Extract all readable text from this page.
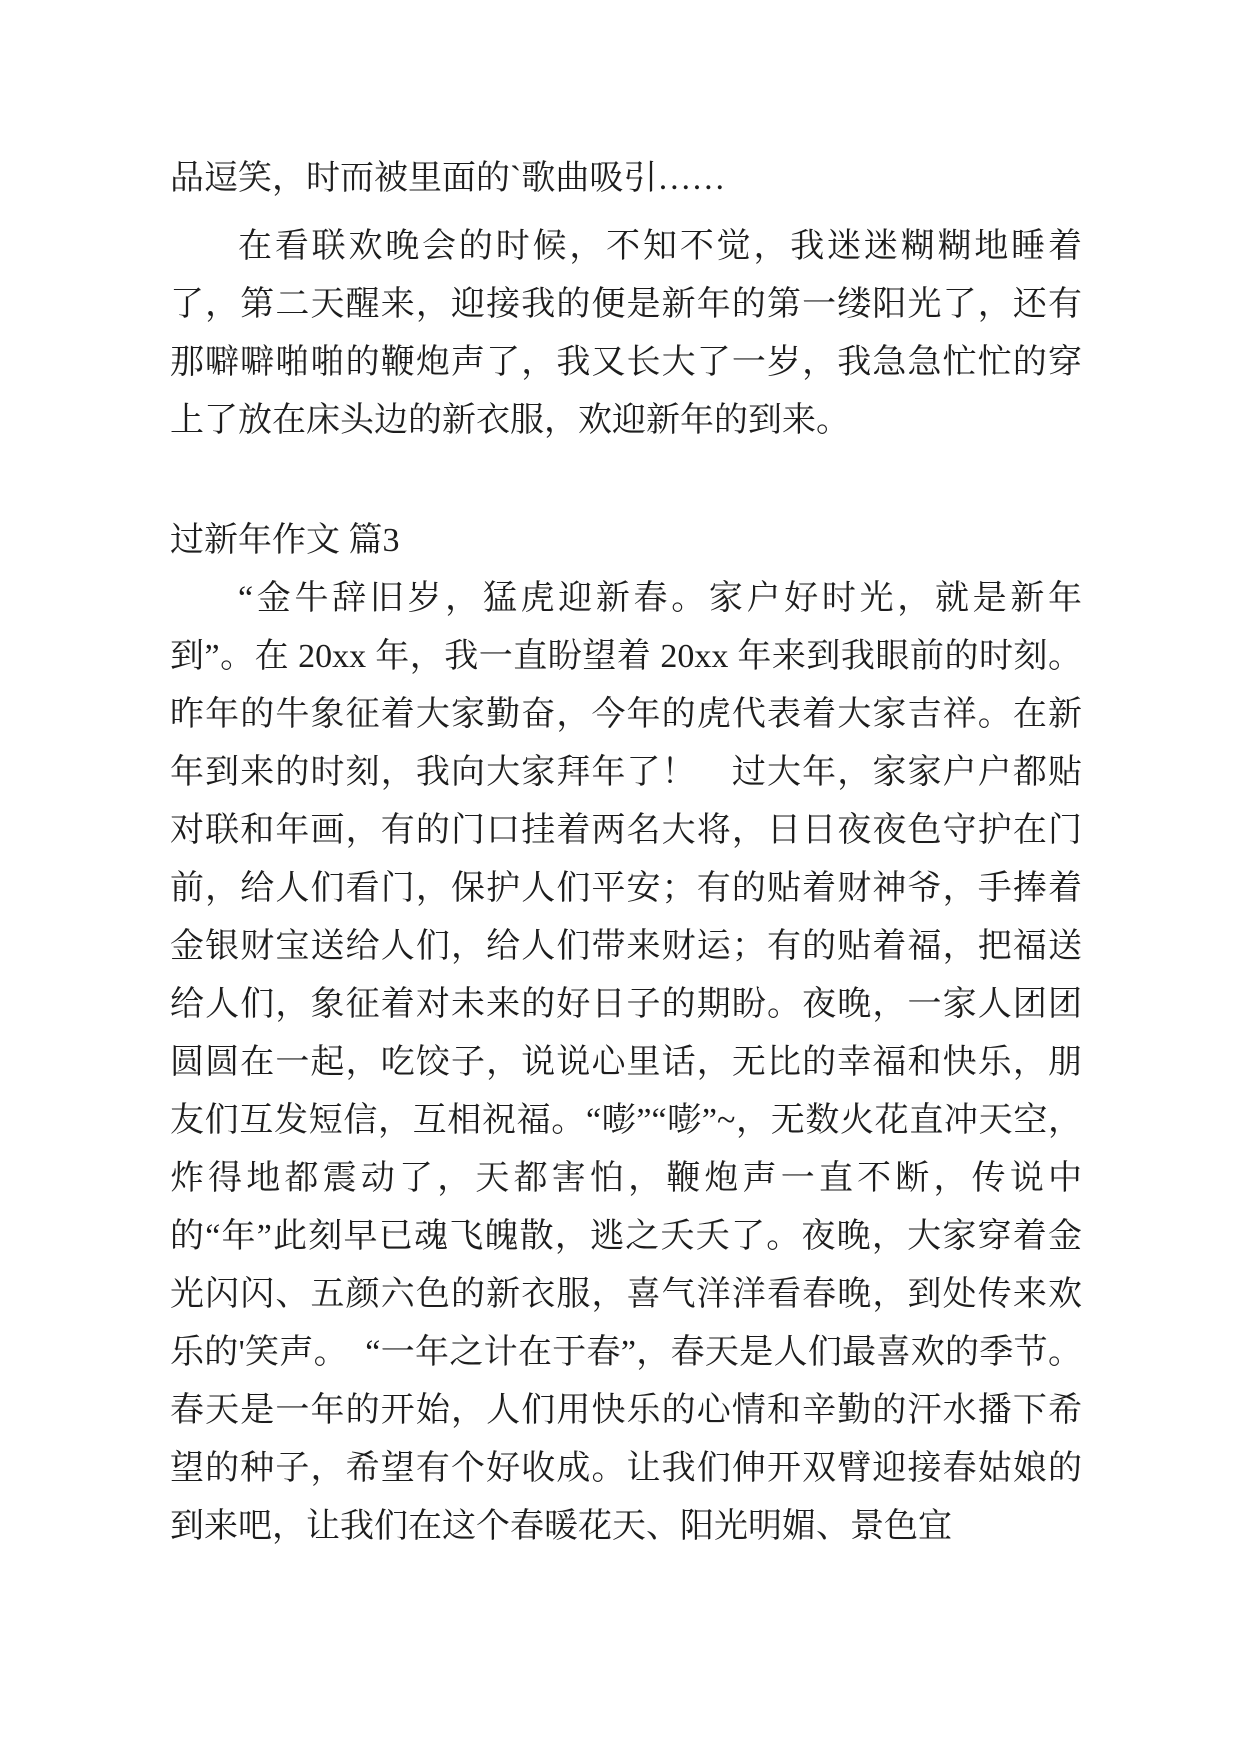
品逗笑，时而被里面的`歌曲吸引……

在看联欢晚会的时候，不知不觉，我迷迷糊糊地睡着了，第二天醒来，迎接我的便是新年的第一缕阳光了，还有那噼噼啪啪的鞭炮声了，我又长大了一岁，我急急忙忙的穿上了放在床头边的新衣服，欢迎新年的到来。

过新年作文 篇3

“金牛辞旧岁，猛虎迎新春。家户好时光，就是新年到”。在 20xx 年，我一直盼望着 20xx 年来到我眼前的时刻。昨年的牛象征着大家勤奋，今年的虎代表着大家吉祥。在新年到来的时刻，我向大家拜年了！　过大年，家家户户都贴对联和年画，有的门口挂着两名大将，日日夜夜色守护在门前，给人们看门，保护人们平安；有的贴着财神爷，手捧着金银财宝送给人们，给人们带来财运；有的贴着福，把福送给人们，象征着对未来的好日子的期盼。夜晚，一家人团团圆圆在一起，吃饺子，说说心里话，无比的幸福和快乐，朋友们互发短信，互相祝福。“嘭”“嘭”~，无数火花直冲天空，炸得地都震动了，天都害怕，鞭炮声一直不断，传说中的“年”此刻早已魂飞魄散，逃之夭夭了。夜晚，大家穿着金光闪闪、五颜六色的新衣服，喜气洋洋看春晚，到处传来欢乐的'笑声。　“一年之计在于春”，春天是人们最喜欢的季节。春天是一年的开始，人们用快乐的心情和辛勤的汗水播下希望的种子，希望有个好收成。让我们伸开双臂迎接春姑娘的到来吧，让我们在这个春暖花天、阳光明媚、景色宜
